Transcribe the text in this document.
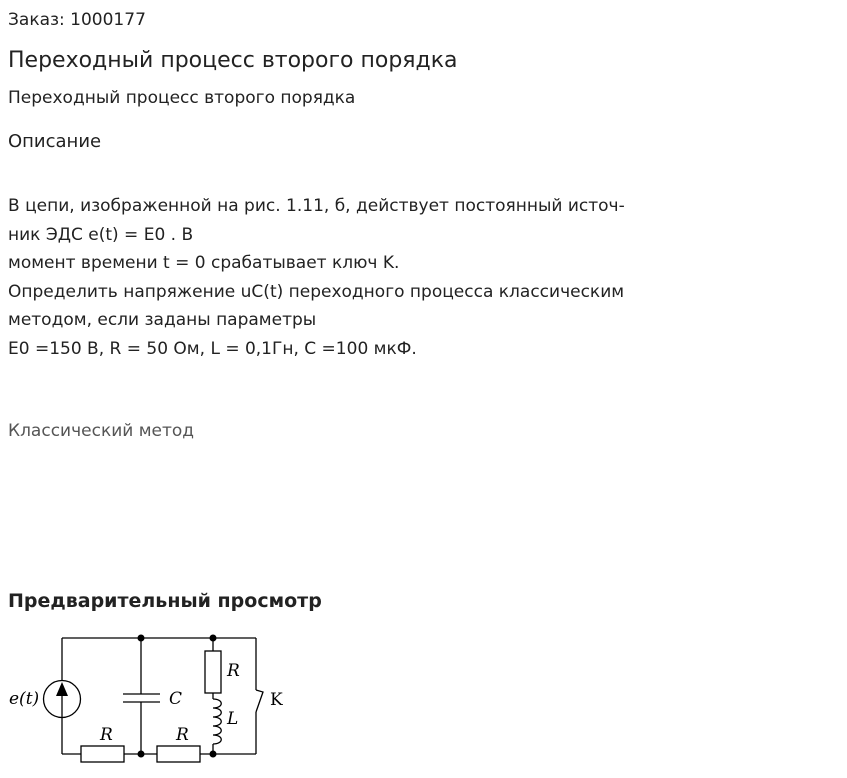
Заказ: 1000177
Переходный процесс второго порядка
Переходный процесс второго порядка
Описание
В цепи, изображенной на рис. 1.11, б, действует постоянный источ-
ник ЭДС e(t) = E0 . В
момент времени t = 0 срабатывает ключ K.
Определить напряжение uC(t) переходного процесса классическим
методом, если заданы параметры
E0 =150 В, R = 50 Ом, L = 0,1Гн, С =100 мкФ.
Классический метод
Предварительный просмотр
e(t)	C
R
L
K
R	R
